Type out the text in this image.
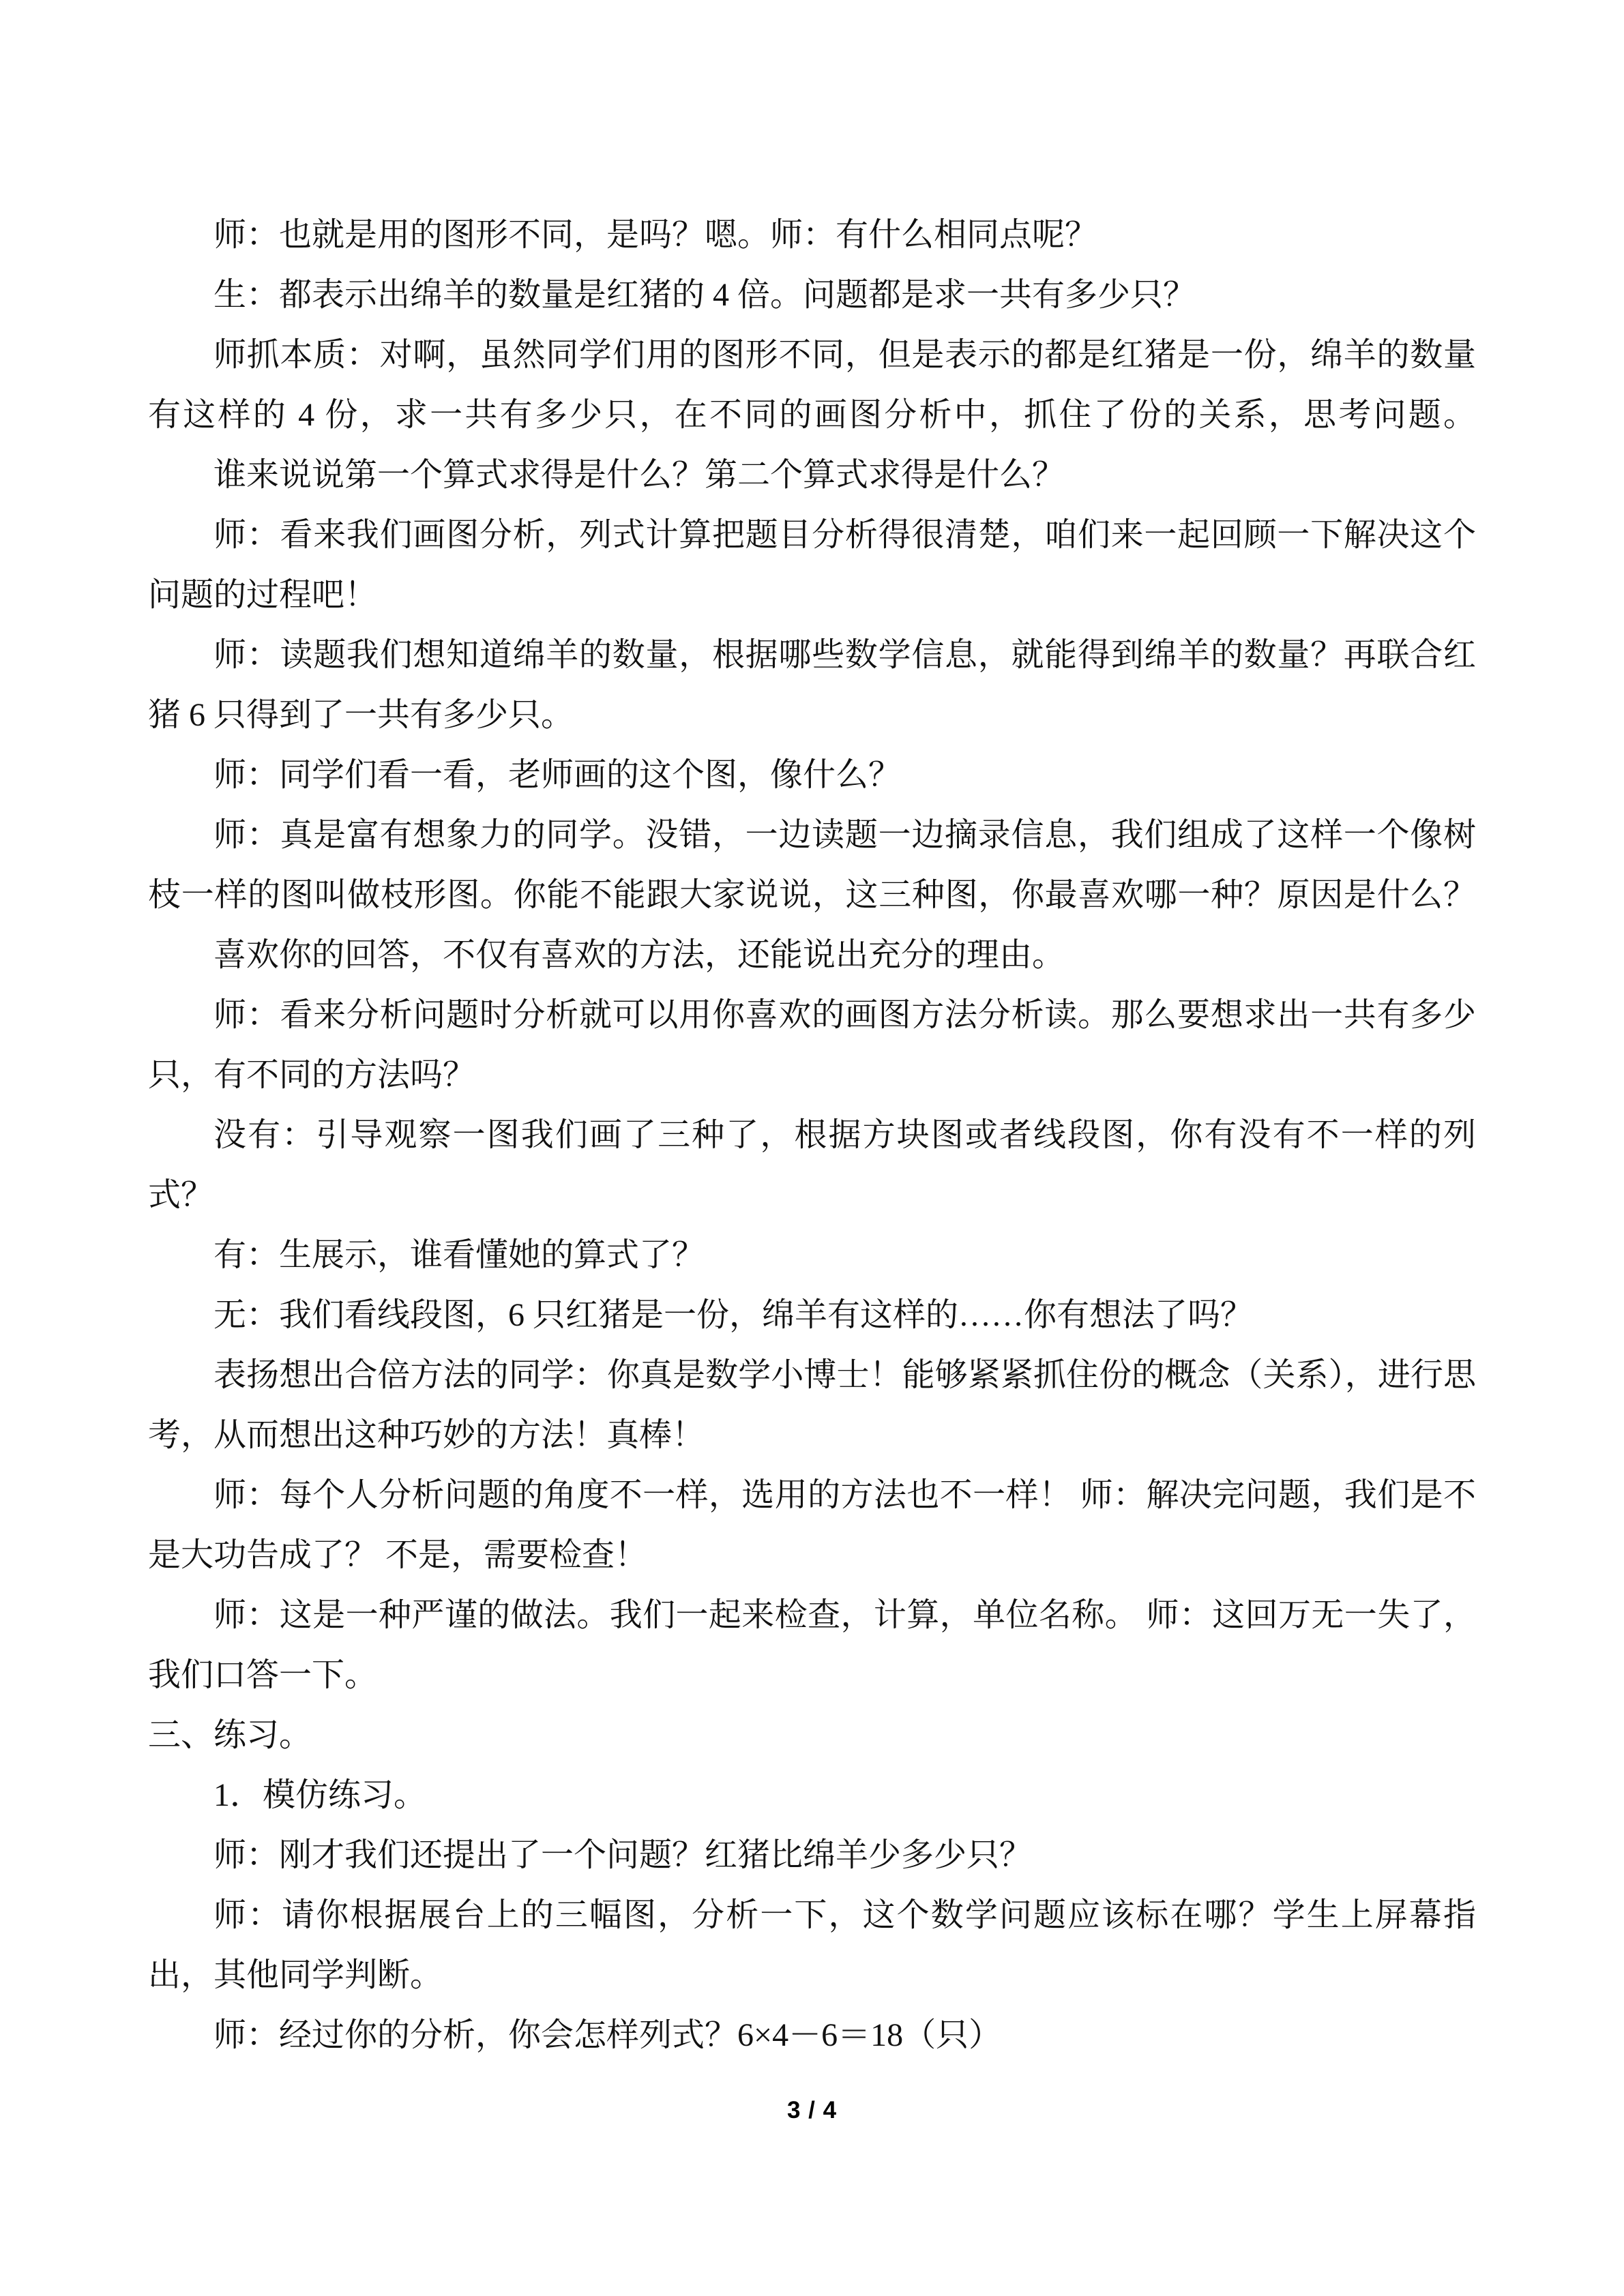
师：也就是用的图形不同，是吗？嗯。师：有什么相同点呢？
生：都表示出绵羊的数量是红猪的 4 倍。问题都是求一共有多少只？
师抓本质：对啊，虽然同学们用的图形不同，但是表示的都是红猪是一份，绵羊的数量
有这样的 4 份，求一共有多少只，在不同的画图分析中，抓住了份的关系，思考问题。
谁来说说第一个算式求得是什么？第二个算式求得是什么？
师：看来我们画图分析，列式计算把题目分析得很清楚，咱们来一起回顾一下解决这个
问题的过程吧！
师：读题我们想知道绵羊的数量，根据哪些数学信息，就能得到绵羊的数量？再联合红
猪 6 只得到了一共有多少只。
师：同学们看一看，老师画的这个图，像什么？
师：真是富有想象力的同学。没错，一边读题一边摘录信息，我们组成了这样一个像树
枝一样的图叫做枝形图。你能不能跟大家说说，这三种图，你最喜欢哪一种？原因是什么？
喜欢你的回答，不仅有喜欢的方法，还能说出充分的理由。
师：看来分析问题时分析就可以用你喜欢的画图方法分析读。那么要想求出一共有多少
只，有不同的方法吗？
没有：引导观察一图我们画了三种了，根据方块图或者线段图，你有没有不一样的列
式？
有：生展示，谁看懂她的算式了？
无：我们看线段图，6 只红猪是一份，绵羊有这样的……你有想法了吗？
表扬想出合倍方法的同学：你真是数学小博士！能够紧紧抓住份的概念（关系），进行思
考，从而想出这种巧妙的方法！真棒！
师：每个人分析问题的角度不一样，选用的方法也不一样！ 师：解决完问题，我们是不
是大功告成了？ 不是，需要检查！
师：这是一种严谨的做法。我们一起来检查，计算，单位名称。 师：这回万无一失了，
我们口答一下。
三、练习。
1．模仿练习。
师：刚才我们还提出了一个问题？红猪比绵羊少多少只？
师：请你根据展台上的三幅图，分析一下，这个数学问题应该标在哪？学生上屏幕指
出，其他同学判断。
师：经过你的分析，你会怎样列式？6×4－6＝18（只）
3 / 4
